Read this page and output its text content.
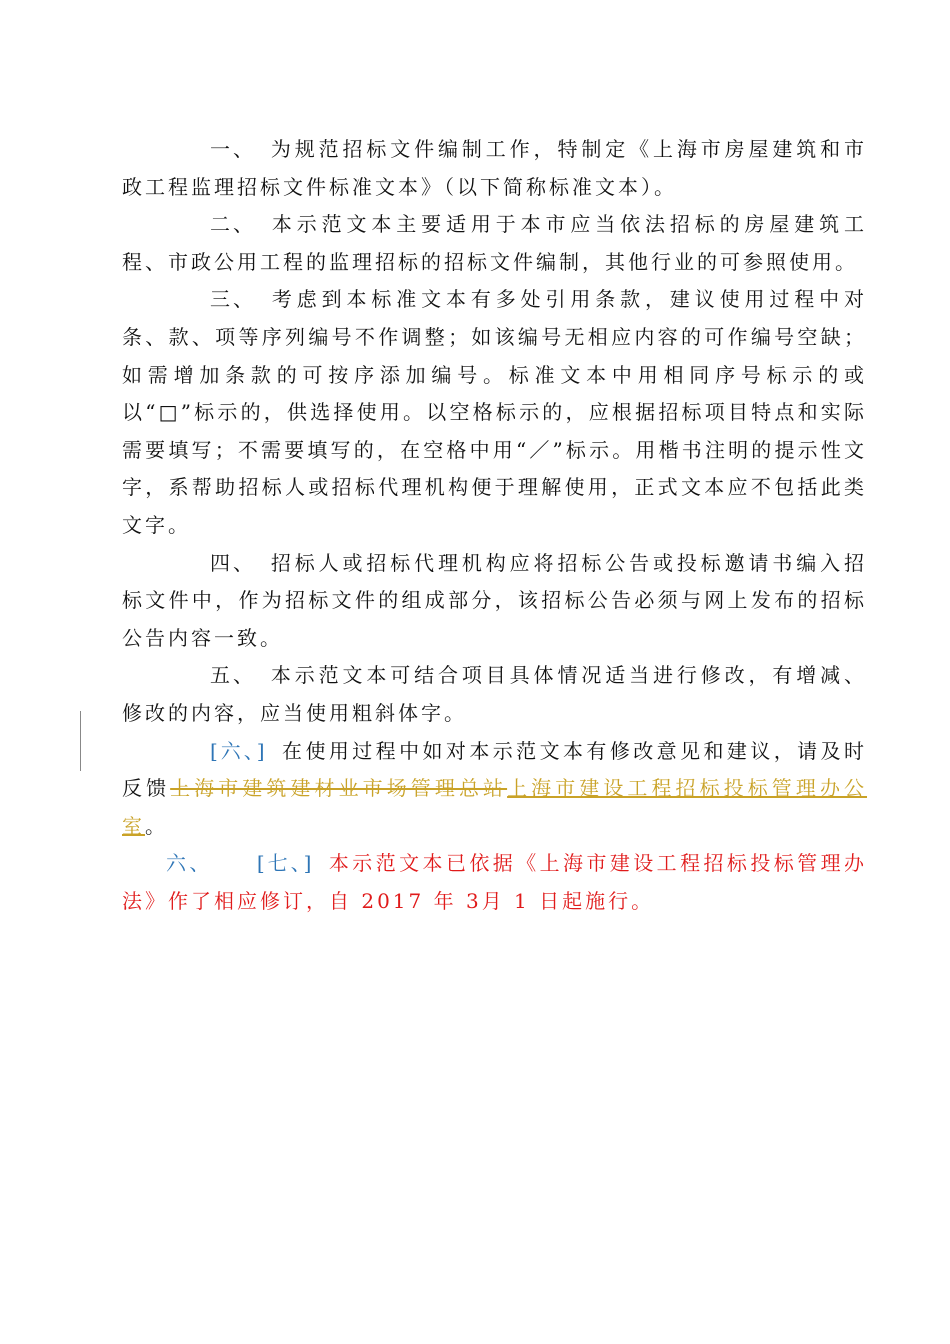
一、 为规范招标文件编制工作，特制定《上海市房屋建筑和市政工程监理招标文件标准文本》（以下简称标准文本）。

二、 本示范文本主要适用于本市应当依法招标的房屋建筑工程、市政公用工程的监理招标的招标文件编制，其他行业的可参照使用。

三、 考虑到本标准文本有多处引用条款，建议使用过程中对条、款、项等序列编号不作调整；如该编号无相应内容的可作编号空缺；如需增加条款的可按序添加编号。标准文本中用相同序号标示的或以“□”标示的，供选择使用。以空格标示的，应根据招标项目特点和实际需要填写；不需要填写的，在空格中用“／”标示。用楷书注明的提示性文字，系帮助招标人或招标代理机构便于理解使用，正式文本应不包括此类文字。

四、 招标人或招标代理机构应将招标公告或投标邀请书编入招标文件中，作为招标文件的组成部分，该招标公告必须与网上发布的招标公告内容一致。

五、 本示范文本可结合项目具体情况适当进行修改，有增减、修改的内容，应当使用粗斜体字。

[六、] 在使用过程中如对本示范文本有修改意见和建议，请及时反馈上海市建筑建材业市场管理总站上海市建设工程招标投标管理办公室。

六、 [七、] 本示范文本已依据《上海市建设工程招标投标管理办法》作了相应修订，自 2017 年 3月 1 日起施行。
